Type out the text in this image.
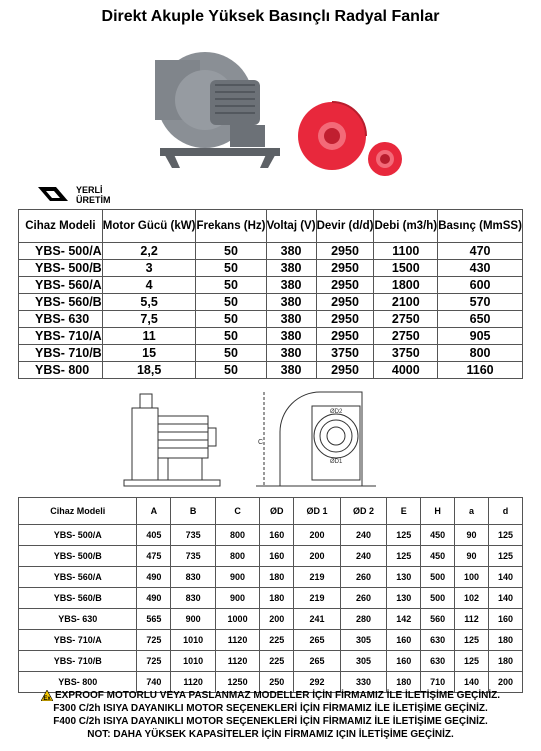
Direkt Akuple Yüksek Basınçlı Radyal Fanlar
YERLİ
ÜRETİM
Cihaz Modeli	Motor Gücü (kW)	Frekans (Hz)	Voltaj (V)	Devir (d/d)	Debi (m3/h)	Basınç (MmSS)
YBS- 500/A	2,2	50	380	2950	1100	470
YBS- 500/B	3	50	380	2950	1500	430
YBS- 560/A	4	50	380	2950	1800	600
YBS- 560/B	5,5	50	380	2950	2100	570
YBS- 630	7,5	50	380	2950	2750	650
YBS- 710/A	11	50	380	2950	2750	905
YBS- 710/B	15	50	380	3750	3750	800
YBS- 800	18,5	50	380	2950	4000	1160
C
ØD2
ØD1
Cihaz Modeli	A	B	C	ØD	ØD 1	ØD 2	E	H	a	d
YBS- 500/A	405	735	800	160	200	240	125	450	90	125
YBS- 500/B	475	735	800	160	200	240	125	450	90	125
YBS- 560/A	490	830	900	180	219	260	130	500	100	140
YBS- 560/B	490	830	900	180	219	260	130	500	102	140
YBS- 630	565	900	1000	200	241	280	142	560	112	160
YBS- 710/A	725	1010	1120	225	265	305	160	630	125	180
YBS- 710/B	725	1010	1120	225	265	305	160	630	125	180
YBS- 800	740	1120	1250	250	292	330	180	710	140	200
Ex EXPROOF MOTORLU VEYA PASLANMAZ MODELLER İÇİN FİRMAMIZ İLE İLETİŞİME GEÇİNİZ.
F300 C/2h ISIYA DAYANIKLI MOTOR SEÇENEKLERİ İÇİN FİRMAMIZ İLE İLETİŞİME GEÇİNİZ.
F400 C/2h ISIYA DAYANIKLI MOTOR SEÇENEKLERİ İÇİN FİRMAMIZ İLE İLETİŞİME GEÇİNİZ.
NOT: DAHA YÜKSEK KAPASİTELER İÇİN FİRMAMIZ IÇIN İLETİŞİME GEÇİNİZ.
